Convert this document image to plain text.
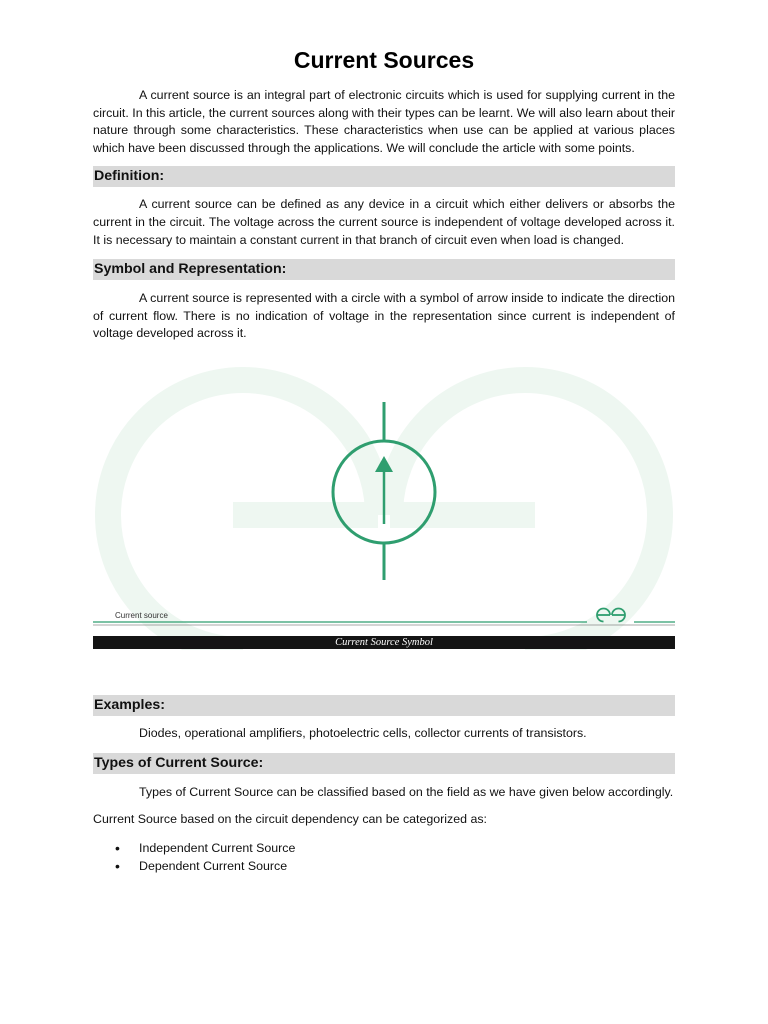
Current Sources

A current source is an integral part of electronic circuits which is used for supplying current in the circuit. In this article, the current sources along with their types can be learnt. We will also learn about their nature through some characteristics. These characteristics when use can be applied at various places which have been discussed through the applications. We will conclude the article with some points.

Definition:

A current source can be defined as any device in a circuit which either delivers or absorbs the current in the circuit. The voltage across the current source is independent of voltage developed across it. It is necessary to maintain a constant current in that branch of circuit even when load is changed.

Symbol and Representation:

A current source is represented with a circle with a symbol of arrow inside to indicate the direction of current flow. There is no indication of voltage in the representation since current is independent of voltage developed across it.

Current source
Current Source Symbol
Examples:

Diodes, operational amplifiers, photoelectric cells, collector currents of transistors.

Types of Current Source:

Types of Current Source can be classified based on the field as we have given below accordingly.

Current Source based on the circuit dependency can be categorized as:

• Independent Current Source
• Dependent Current Source
